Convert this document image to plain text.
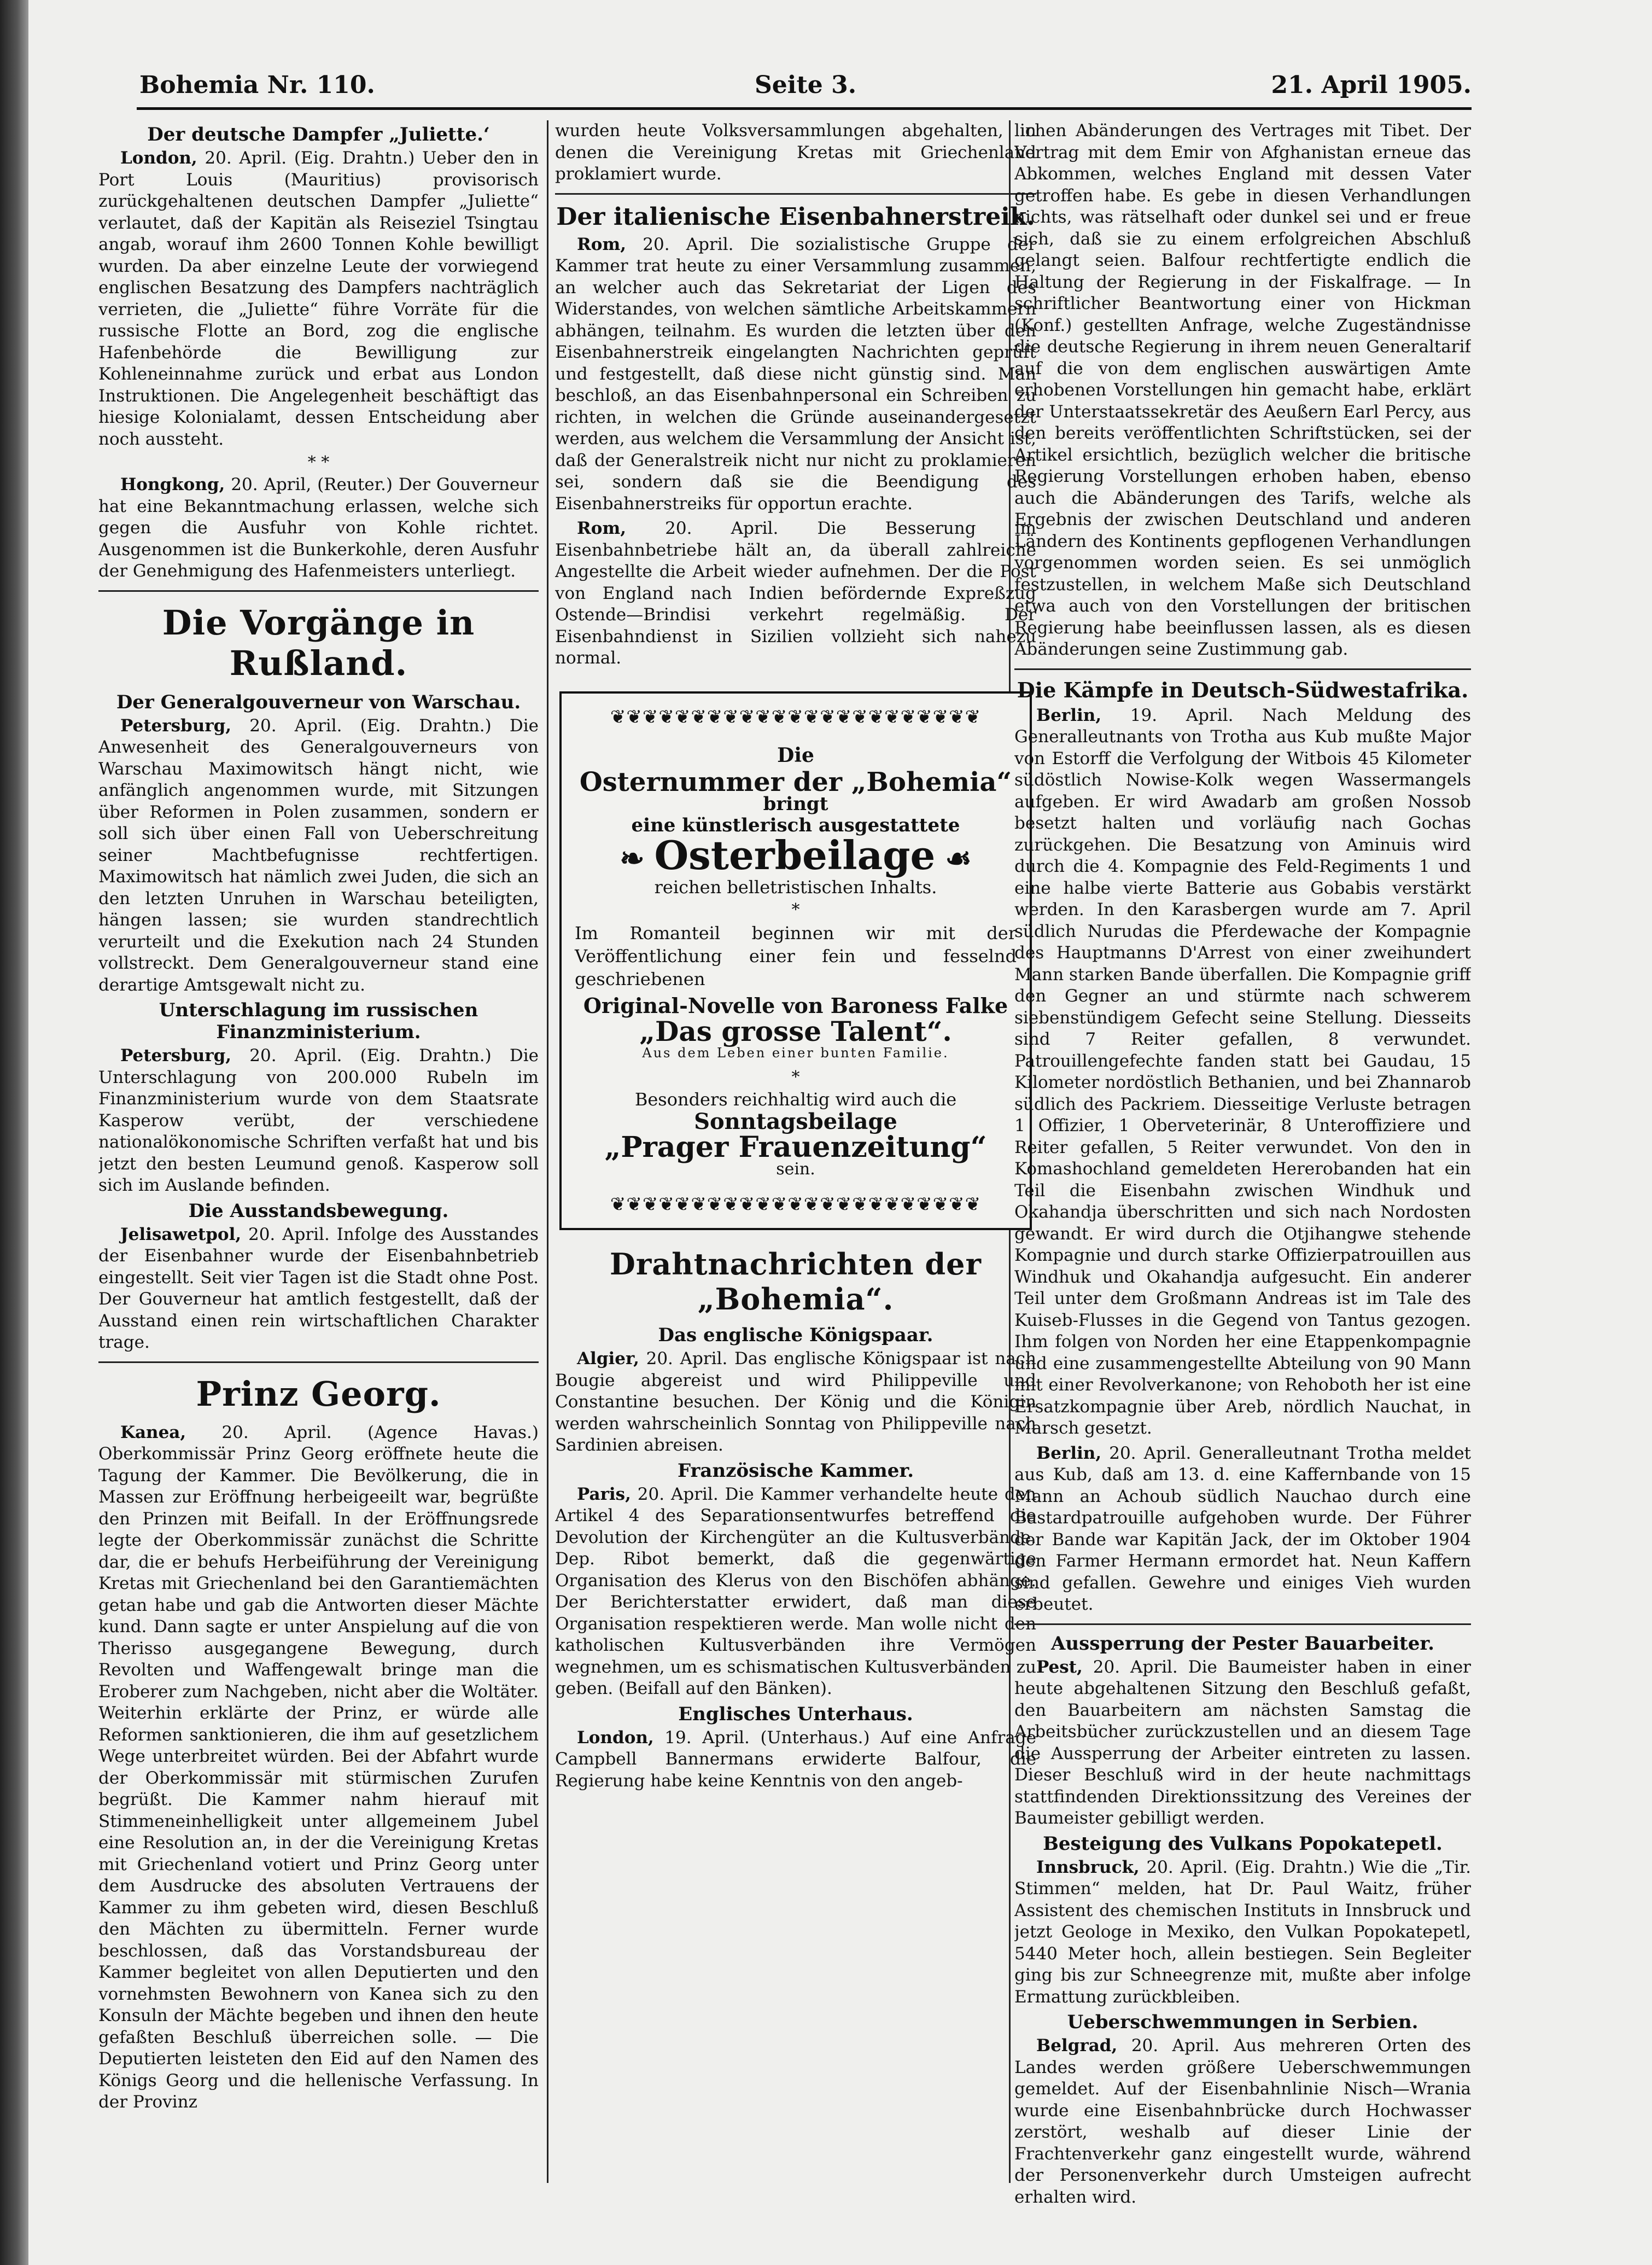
Bohemia Nr. 110.	Seite 3.	21. April 1905.
Der deutsche Dampfer „Juliette.‘

London, 20. April. (Eig. Drahtn.) Ueber den in Port Louis (Mauritius) provisorisch zurückgehaltenen deutschen Dampfer „Juliette“ verlautet, daß der Kapitän als Reiseziel Tsingtau angab, worauf ihm 2600 Tonnen Kohle bewilligt wurden. Da aber einzelne Leute der vorwiegend englischen Besatzung des Dampfers nachträglich verrieten, die „Juliette“ führe Vorräte für die russische Flotte an Bord, zog die englische Hafenbehörde die Bewilligung zur Kohleneinnahme zurück und erbat aus London Instruktionen. Die Angelegenheit beschäftigt das hiesige Kolonialamt, dessen Entscheidung aber noch aussteht.

* *

Hongkong, 20. April, (Reuter.) Der Gouverneur hat eine Bekanntmachung erlassen, welche sich gegen die Ausfuhr von Kohle richtet. Ausgenommen ist die Bunkerkohle, deren Ausfuhr der Genehmigung des Hafenmeisters unterliegt.

Die Vorgänge in Rußland.
Der Generalgouverneur von Warschau.

Petersburg, 20. April. (Eig. Drahtn.) Die Anwesenheit des Generalgouverneurs von Warschau Maximowitsch hängt nicht, wie anfänglich angenommen wurde, mit Sitzungen über Reformen in Polen zusammen, sondern er soll sich über einen Fall von Ueberschreitung seiner Machtbefugnisse rechtfertigen. Maximowitsch hat nämlich zwei Juden, die sich an den letzten Unruhen in Warschau beteiligten, hängen lassen; sie wurden standrechtlich verurteilt und die Exekution nach 24 Stunden vollstreckt. Dem Generalgouverneur stand eine derartige Amtsgewalt nicht zu.

Unterschlagung im russischen Finanzministerium.

Petersburg, 20. April. (Eig. Drahtn.) Die Unterschlagung von 200.000 Rubeln im Finanzministerium wurde von dem Staatsrate Kasperow verübt, der verschiedene nationalökonomische Schriften verfaßt hat und bis jetzt den besten Leumund genoß. Kasperow soll sich im Auslande befinden.

Die Ausstandsbewegung.

Jelisawetpol, 20. April. Infolge des Ausstandes der Eisenbahner wurde der Eisenbahnbetrieb eingestellt. Seit vier Tagen ist die Stadt ohne Post. Der Gouverneur hat amtlich festgestellt, daß der Ausstand einen rein wirtschaftlichen Charakter trage.

Prinz Georg.

Kanea, 20. April. (Agence Havas.) Oberkommissär Prinz Georg eröffnete heute die Tagung der Kammer. Die Bevölkerung, die in Massen zur Eröffnung herbeigeeilt war, begrüßte den Prinzen mit Beifall. In der Eröffnungsrede legte der Oberkommissär zunächst die Schritte dar, die er behufs Herbeiführung der Vereinigung Kretas mit Griechenland bei den Garantiemächten getan habe und gab die Antworten dieser Mächte kund. Dann sagte er unter Anspielung auf die von Therisso ausgegangene Bewegung, durch Revolten und Waffengewalt bringe man die Eroberer zum Nachgeben, nicht aber die Woltäter. Weiterhin erklärte der Prinz, er würde alle Reformen sanktionieren, die ihm auf gesetzlichem Wege unterbreitet würden. Bei der Abfahrt wurde der Oberkommissär mit stürmischen Zurufen begrüßt. Die Kammer nahm hierauf mit Stimmeneinhelligkeit unter allgemeinem Jubel eine Resolution an, in der die Vereinigung Kretas mit Griechenland votiert und Prinz Georg unter dem Ausdrucke des absoluten Vertrauens der Kammer zu ihm gebeten wird, diesen Beschluß den Mächten zu übermitteln. Ferner wurde beschlossen, daß das Vorstandsbureau der Kammer begleitet von allen Deputierten und den vornehmsten Bewohnern von Kanea sich zu den Konsuln der Mächte begeben und ihnen den heute gefaßten Beschluß überreichen solle. — Die Deputierten leisteten den Eid auf den Namen des Königs Georg und die hellenische Verfassung. In der Provinz

wurden heute Volksversammlungen abgehalten, in denen die Vereinigung Kretas mit Griechenland proklamiert wurde.

Der italienische Eisenbahnerstreik.

Rom, 20. April. Die sozialistische Gruppe der Kammer trat heute zu einer Versammlung zusammen, an welcher auch das Sekretariat der Ligen des Widerstandes, von welchen sämtliche Arbeitskammern abhängen, teilnahm. Es wurden die letzten über den Eisenbahnerstreik eingelangten Nachrichten geprüft und festgestellt, daß diese nicht günstig sind. Man beschloß, an das Eisenbahnpersonal ein Schreiben zu richten, in welchen die Gründe auseinandergesetzt werden, aus welchem die Versammlung der Ansicht ist, daß der Generalstreik nicht nur nicht zu proklamieren sei, sondern daß sie die Beendigung des Eisenbahnerstreiks für opportun erachte.

Rom, 20. April. Die Besserung im Eisenbahnbetriebe hält an, da überall zahlreiche Angestellte die Arbeit wieder aufnehmen. Der die Post von England nach Indien befördernde Expreßzug Ostende—Brindisi verkehrt regelmäßig. Der Eisenbahndienst in Sizilien vollzieht sich nahezu normal.

❦❦❦❦❦❦❦❦❦❦❦❦❦❦❦❦❦❦❦❦❦❦❦
Die
Osternummer der „Bohemia“
bringt
eine künstlerisch ausgestattete
❧ Osterbeilage ☙
reichen belletristischen Inhalts.
*
Im Romanteil beginnen wir mit der Veröffentlichung einer fein und fesselnd geschriebenen
Original-Novelle von Baroness Falke
„Das grosse Talent“.
Aus dem Leben einer bunten Familie.
*
Besonders reichhaltig wird auch die
Sonntagsbeilage
„Prager Frauenzeitung“
sein.
❦❦❦❦❦❦❦❦❦❦❦❦❦❦❦❦❦❦❦❦❦❦❦
Drahtnachrichten der „Bohemia“.
Das englische Königspaar.

Algier, 20. April. Das englische Königspaar ist nach Bougie abgereist und wird Philippeville und Constantine besuchen. Der König und die Königin werden wahrscheinlich Sonntag von Philippeville nach Sardinien abreisen.

Französische Kammer.

Paris, 20. April. Die Kammer verhandelte heute den Artikel 4 des Separationsentwurfes betreffend die Devolution der Kirchengüter an die Kultusverbände. Dep. Ribot bemerkt, daß die gegenwärtige Organisation des Klerus von den Bischöfen abhänge. Der Berichterstatter erwidert, daß man diese Organisation respektieren werde. Man wolle nicht den katholischen Kultusverbänden ihre Vermögen wegnehmen, um es schismatischen Kultusverbänden zu geben. (Beifall auf den Bänken).

Englisches Unterhaus.

London, 19. April. (Unterhaus.) Auf eine Anfrage Campbell Bannermans erwiderte Balfour, die Regierung habe keine Kenntnis von den angeb-

lichen Abänderungen des Vertrages mit Tibet. Der Vertrag mit dem Emir von Afghanistan erneue das Abkommen, welches England mit dessen Vater getroffen habe. Es gebe in diesen Verhandlungen nichts, was rätselhaft oder dunkel sei und er freue sich, daß sie zu einem erfolgreichen Abschluß gelangt seien. Balfour rechtfertigte endlich die Haltung der Regierung in der Fiskalfrage. — In schriftlicher Beantwortung einer von Hickman (Konf.) gestellten Anfrage, welche Zugeständnisse die deutsche Regierung in ihrem neuen Generaltarif auf die von dem englischen auswärtigen Amte erhobenen Vorstellungen hin gemacht habe, erklärt der Unterstaatssekretär des Aeußern Earl Percy, aus den bereits veröffentlichten Schriftstücken, sei der Artikel ersichtlich, bezüglich welcher die britische Regierung Vorstellungen erhoben haben, ebenso auch die Abänderungen des Tarifs, welche als Ergebnis der zwischen Deutschland und anderen Ländern des Kontinents gepflogenen Verhandlungen vorgenommen worden seien. Es sei unmöglich festzustellen, in welchem Maße sich Deutschland etwa auch von den Vorstellungen der britischen Regierung habe beeinflussen lassen, als es diesen Abänderungen seine Zustimmung gab.

Die Kämpfe in Deutsch-Südwestafrika.

Berlin, 19. April. Nach Meldung des Generalleutnants von Trotha aus Kub mußte Major von Estorff die Verfolgung der Witbois 45 Kilometer südöstlich Nowise-Kolk wegen Wassermangels aufgeben. Er wird Awadarb am großen Nossob besetzt halten und vorläufig nach Gochas zurückgehen. Die Besatzung von Aminuis wird durch die 4. Kompagnie des Feld-Regiments 1 und eine halbe vierte Batterie aus Gobabis verstärkt werden. In den Karasbergen wurde am 7. April südlich Nurudas die Pferdewache der Kompagnie des Hauptmanns D'Arrest von einer zweihundert Mann starken Bande überfallen. Die Kompagnie griff den Gegner an und stürmte nach schwerem siebenstündigem Gefecht seine Stellung. Diesseits sind 7 Reiter gefallen, 8 verwundet. Patrouillengefechte fanden statt bei Gaudau, 15 Kilometer nordöstlich Bethanien, und bei Zhannarob südlich des Packriem. Diesseitige Verluste betragen 1 Offizier, 1 Oberveterinär, 8 Unteroffiziere und Reiter gefallen, 5 Reiter verwundet. Von den in Komashochland gemeldeten Hererobanden hat ein Teil die Eisenbahn zwischen Windhuk und Okahandja überschritten und sich nach Nordosten gewandt. Er wird durch die Otjihangwe stehende Kompagnie und durch starke Offizierpatrouillen aus Windhuk und Okahandja aufgesucht. Ein anderer Teil unter dem Großmann Andreas ist im Tale des Kuiseb-Flusses in die Gegend von Tantus gezogen. Ihm folgen von Norden her eine Etappenkompagnie und eine zusammengestellte Abteilung von 90 Mann mit einer Revolverkanone; von Rehoboth her ist eine Ersatzkompagnie über Areb, nördlich Nauchat, in Marsch gesetzt.

Berlin, 20. April. Generalleutnant Trotha meldet aus Kub, daß am 13. d. eine Kaffernbande von 15 Mann an Achoub südlich Nauchao durch eine Bastardpatrouille aufgehoben wurde. Der Führer der Bande war Kapitän Jack, der im Oktober 1904 den Farmer Hermann ermordet hat. Neun Kaffern sind gefallen. Gewehre und einiges Vieh wurden erbeutet.

Aussperrung der Pester Bauarbeiter.

Pest, 20. April. Die Baumeister haben in einer heute abgehaltenen Sitzung den Beschluß gefaßt, den Bauarbeitern am nächsten Samstag die Arbeitsbücher zurückzustellen und an diesem Tage die Aussperrung der Arbeiter eintreten zu lassen. Dieser Beschluß wird in der heute nachmittags stattfindenden Direktionssitzung des Vereines der Baumeister gebilligt werden.

Besteigung des Vulkans Popokatepetl.

Innsbruck, 20. April. (Eig. Drahtn.) Wie die „Tir. Stimmen“ melden, hat Dr. Paul Waitz, früher Assistent des chemischen Instituts in Innsbruck und jetzt Geologe in Mexiko, den Vulkan Popokatepetl, 5440 Meter hoch, allein bestiegen. Sein Begleiter ging bis zur Schneegrenze mit, mußte aber infolge Ermattung zurückbleiben.

Ueberschwemmungen in Serbien.

Belgrad, 20. April. Aus mehreren Orten des Landes werden größere Ueberschwemmungen gemeldet. Auf der Eisenbahnlinie Nisch—Wrania wurde eine Eisenbahnbrücke durch Hochwasser zerstört, weshalb auf dieser Linie der Frachtenverkehr ganz eingestellt wurde, während der Personenverkehr durch Umsteigen aufrecht erhalten wird.
